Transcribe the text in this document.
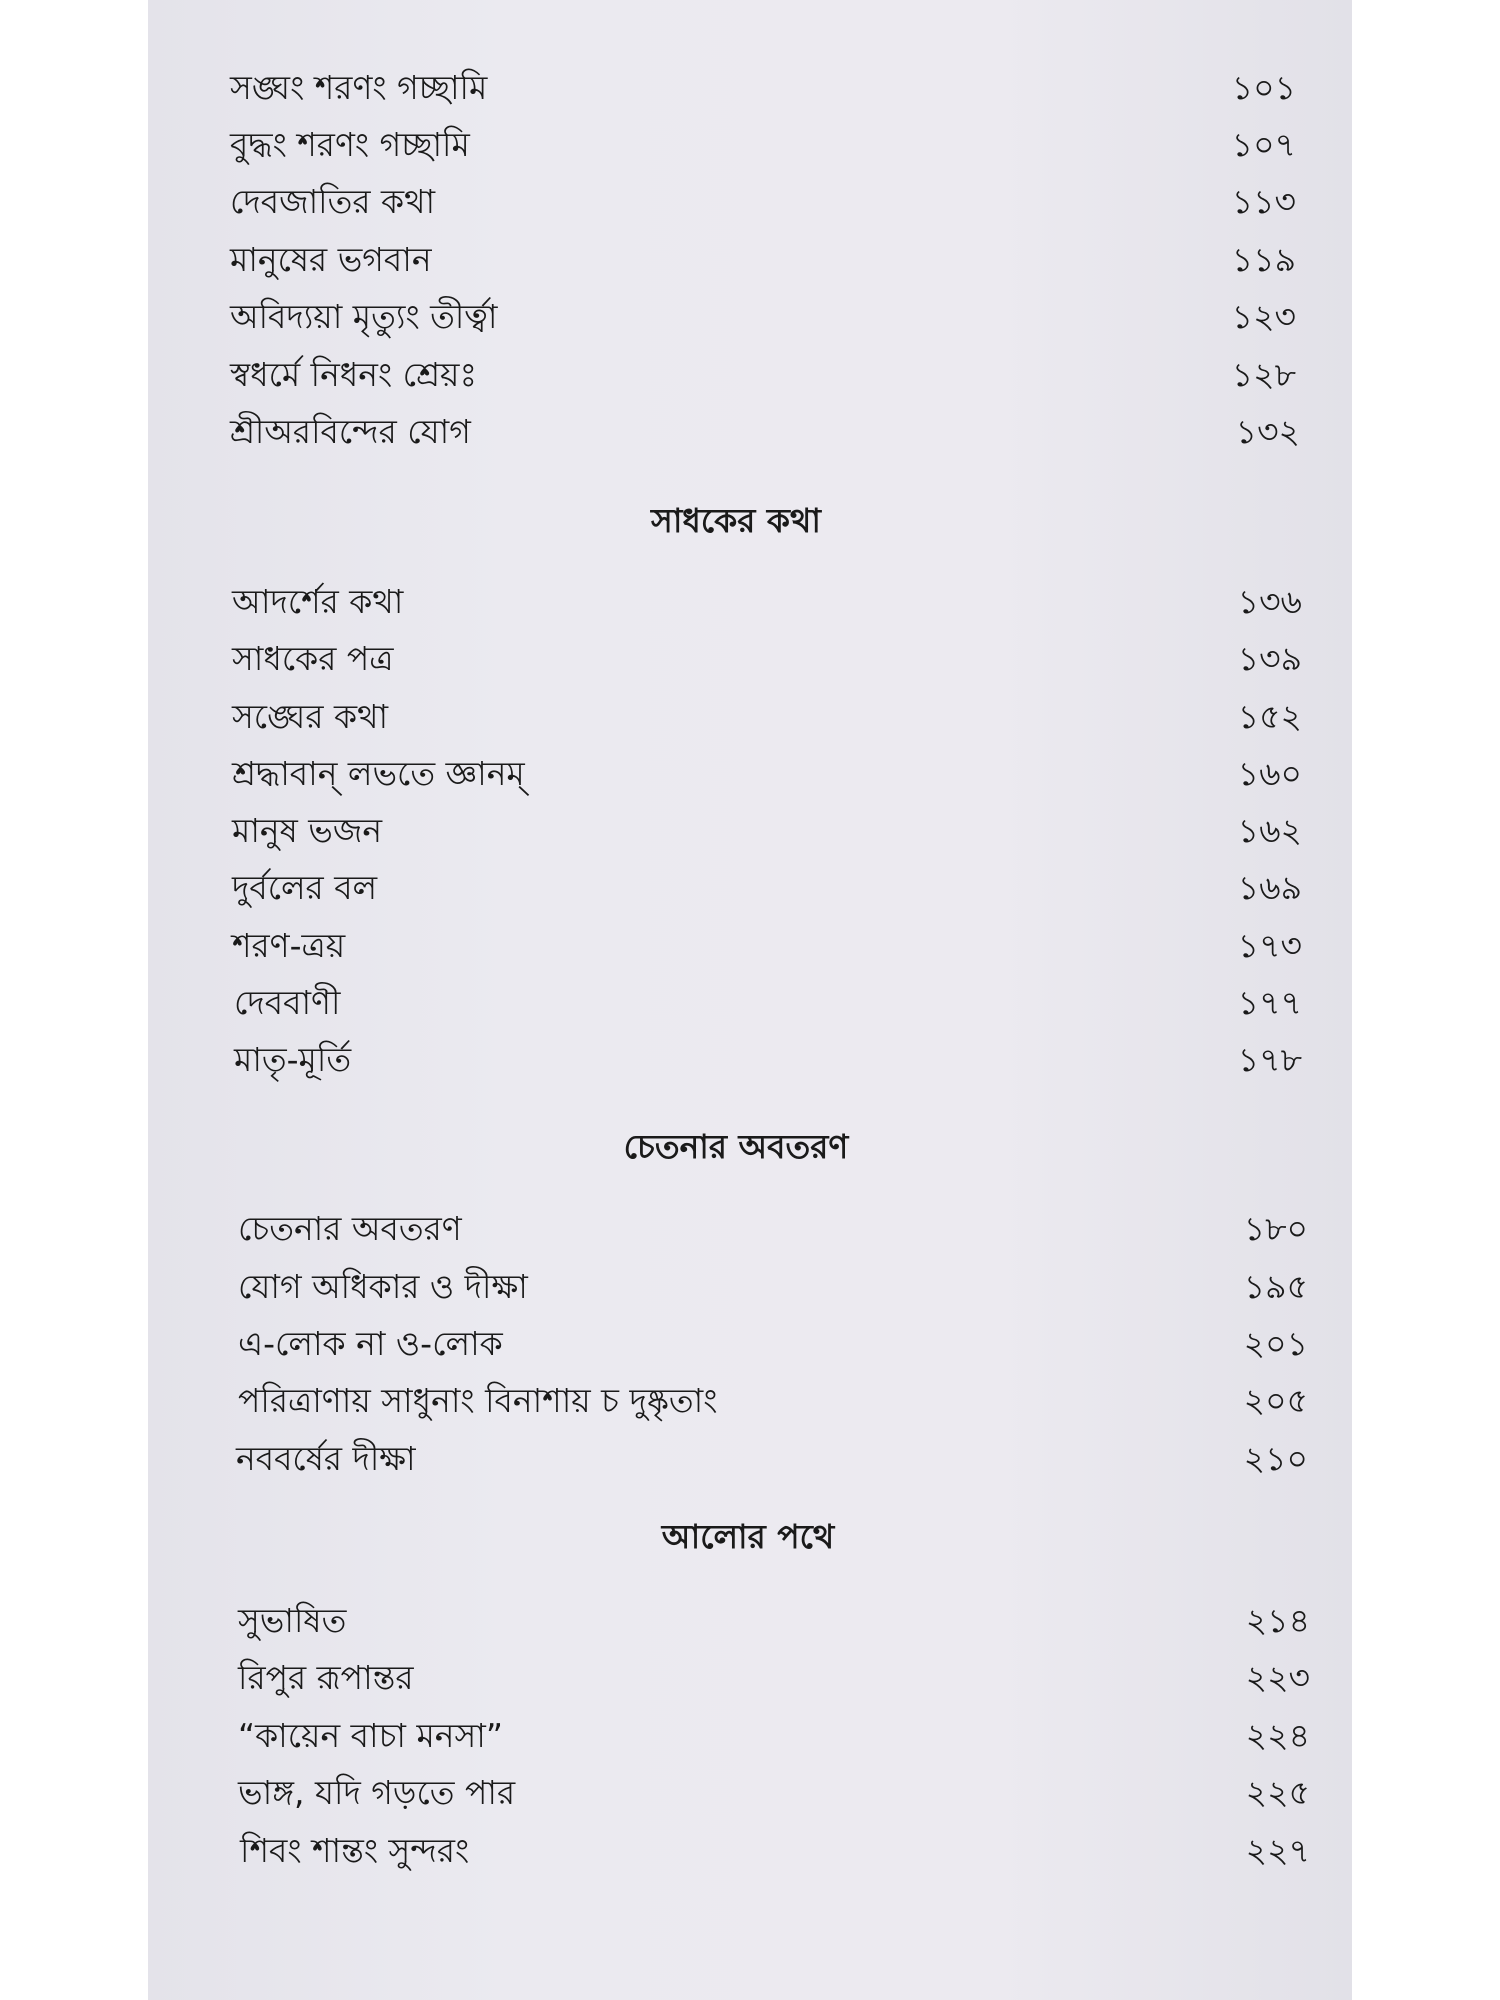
সঙ্ঘং শরণং গচ্ছামি	১০১
বুদ্ধং শরণং গচ্ছামি	১০৭
দেবজাতির কথা	১১৩
মানুষের ভগবান	১১৯
অবিদ্যয়া মৃত্যুং তীর্ত্বা	১২৩
স্বধর্মে নিধনং শ্রেয়ঃ	১২৮
শ্রীঅরবিন্দের যোগ	১৩২
সাধকের কথা
আদর্শের কথা	১৩৬
সাধকের পত্র	১৩৯
সঙ্ঘের কথা	১৫২
শ্রদ্ধাবান্ লভতে জ্ঞানম্	১৬০
মানুষ ভজন	১৬২
দুর্বলের বল	১৬৯
শরণ-ত্রয়	১৭৩
দেববাণী	১৭৭
মাতৃ-মূর্তি	১৭৮
চেতনার অবতরণ
চেতনার অবতরণ	১৮০
যোগ অধিকার ও দীক্ষা	১৯৫
এ-লোক না ও-লোক	২০১
পরিত্রাণায় সাধুনাং বিনাশায় চ দুষ্কৃতাং	২০৫
নববর্ষের দীক্ষা	২১০
আলোর পথে
সুভাষিত	২১৪
রিপুর রূপান্তর	২২৩
“কায়েন বাচা মনসা”	২২৪
ভাঙ্গ, যদি গড়তে পার	২২৫
শিবং শান্তং সুন্দরং	২২৭
